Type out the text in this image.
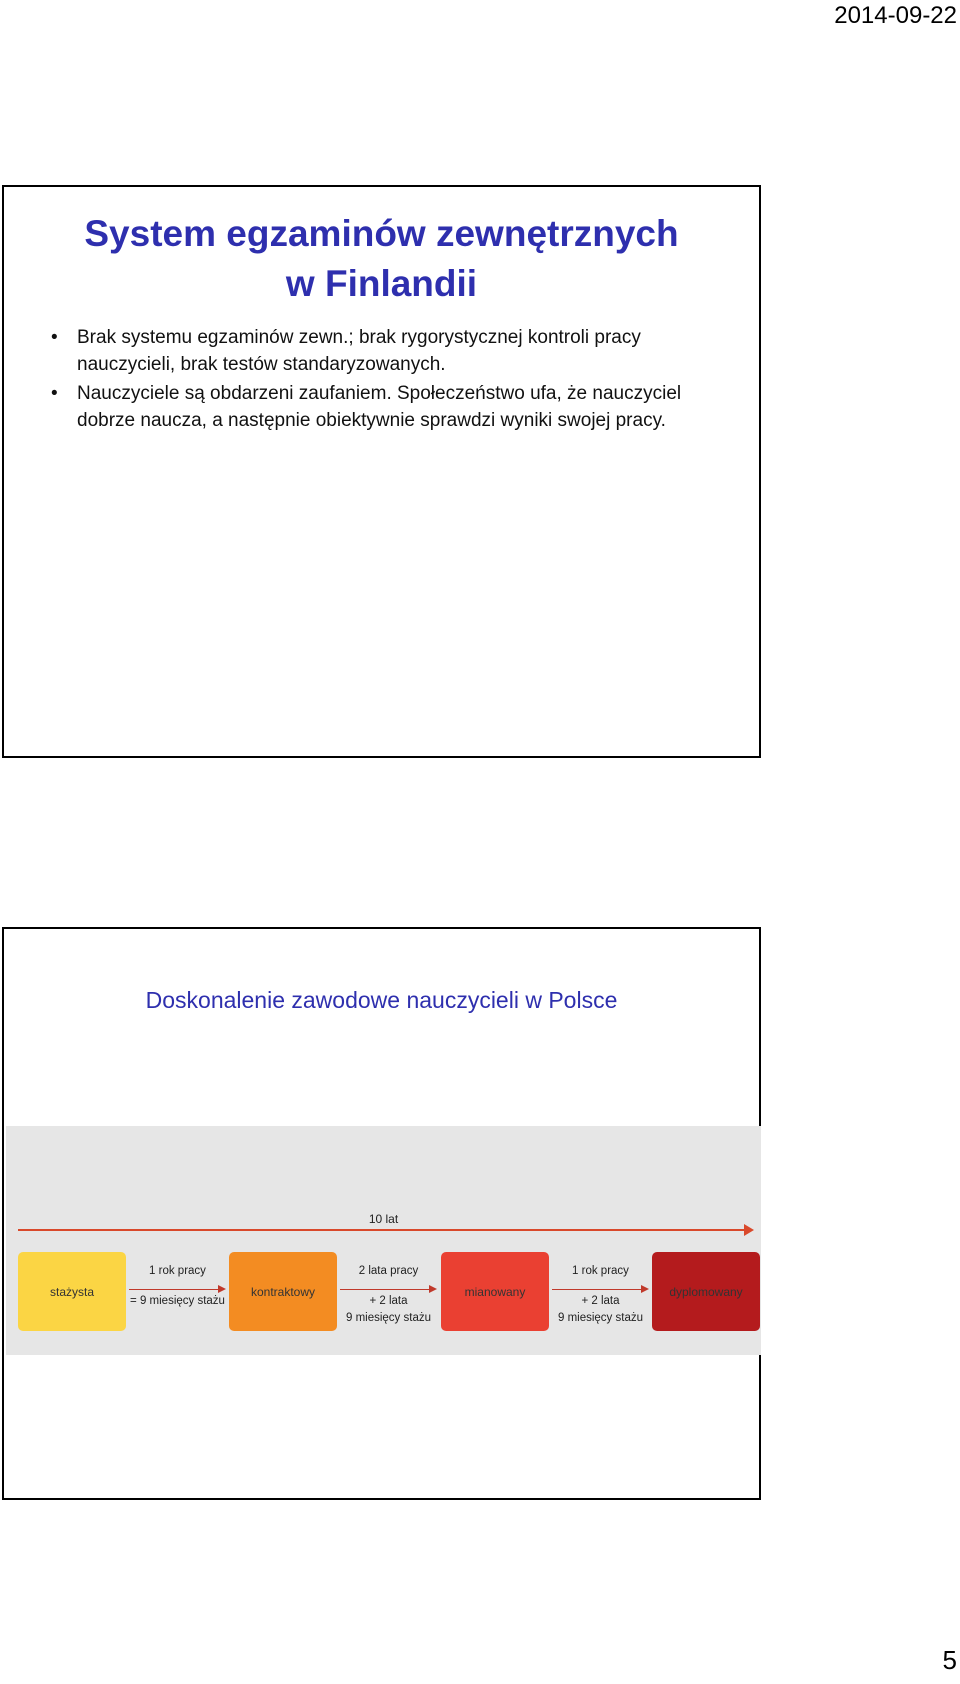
2014-09-22
System egzaminów zewnętrznych
w Finlandii
• Brak systemu egzaminów zewn.; brak rygorystycznej kontroli pracy nauczycieli, brak testów standaryzowanych.
• Nauczyciele są obdarzeni zaufaniem. Społeczeństwo ufa, że nauczyciel dobrze naucza, a następnie obiektywnie sprawdzi wyniki swojej pracy.
Doskonalenie zawodowe nauczycieli w Polsce
10 lat
stażysta
1 rok pracy
= 9 miesięcy stażu
kontraktowy
2 lata pracy
+ 2 lata
9 miesięcy stażu
mianowany
1 rok pracy
+ 2 lata
9 miesięcy stażu
dyplomowany
5
